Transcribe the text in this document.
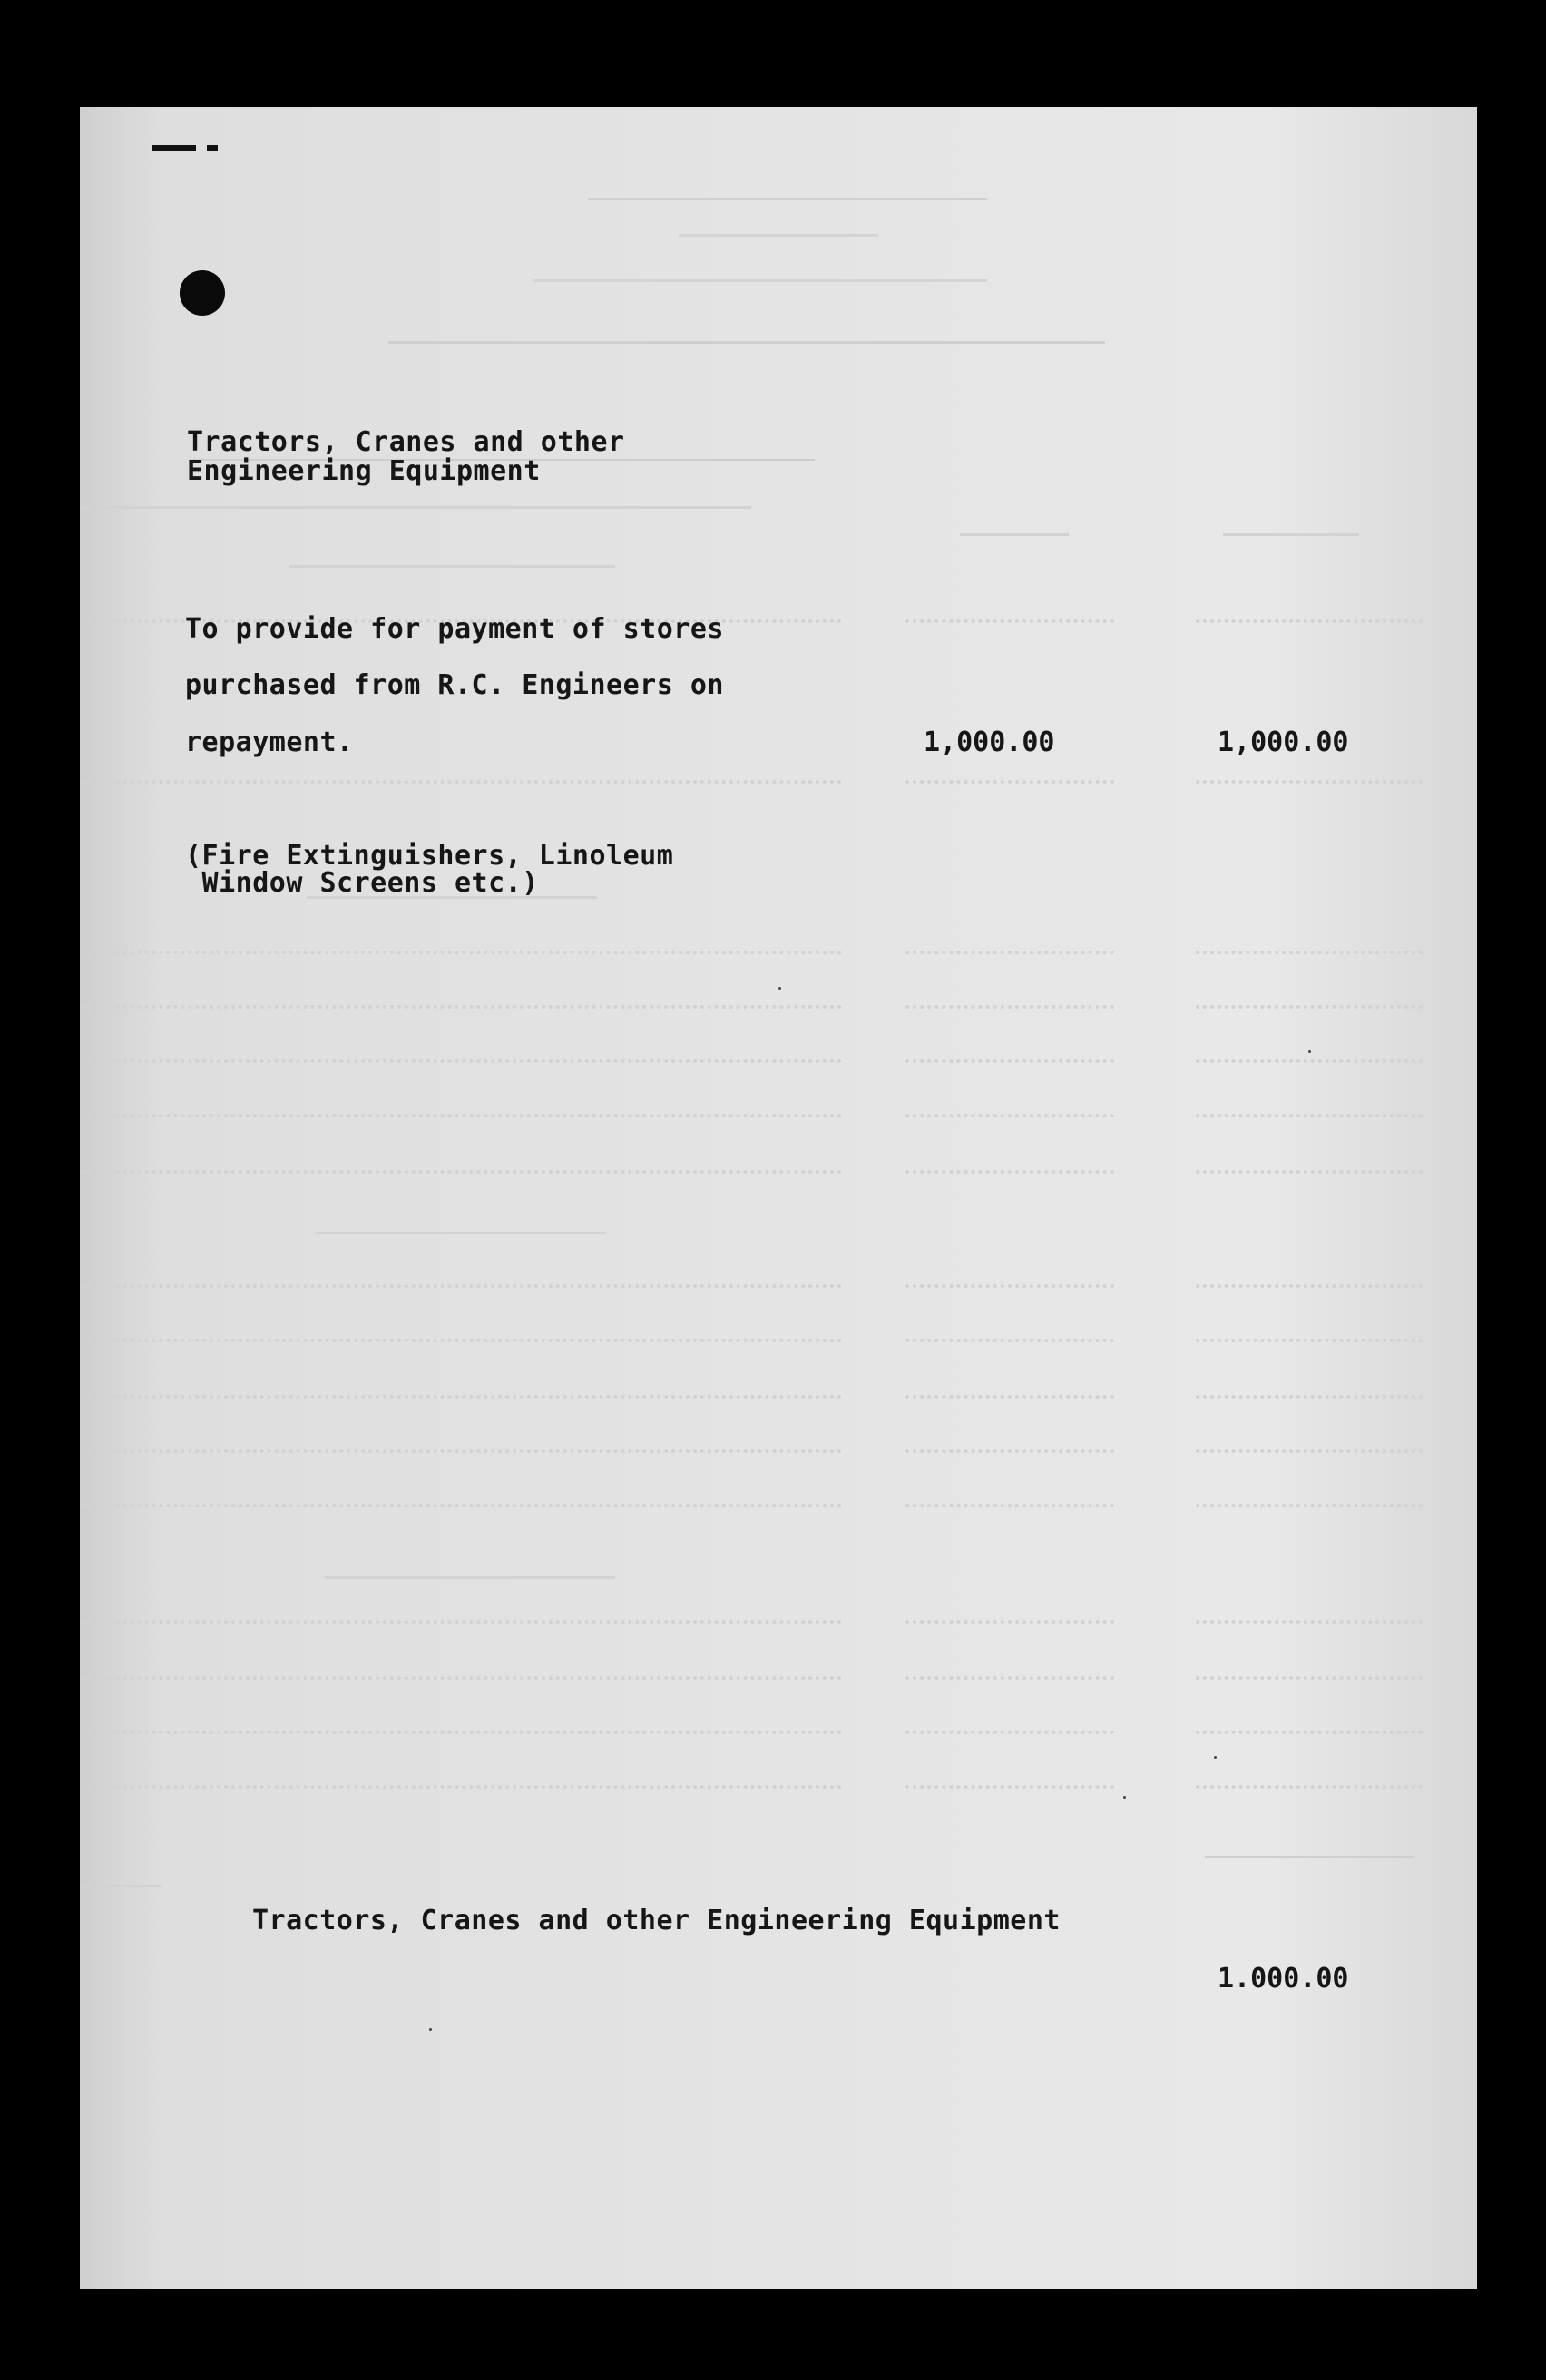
Tractors, Cranes and other
Engineering Equipment
To provide for payment of stores
purchased from R.C. Engineers on
repayment.	1,000.00	1,000.00
(Fire Extinguishers, Linoleum
Window Screens etc.)
Tractors, Cranes and other Engineering Equipment
1.000.00
